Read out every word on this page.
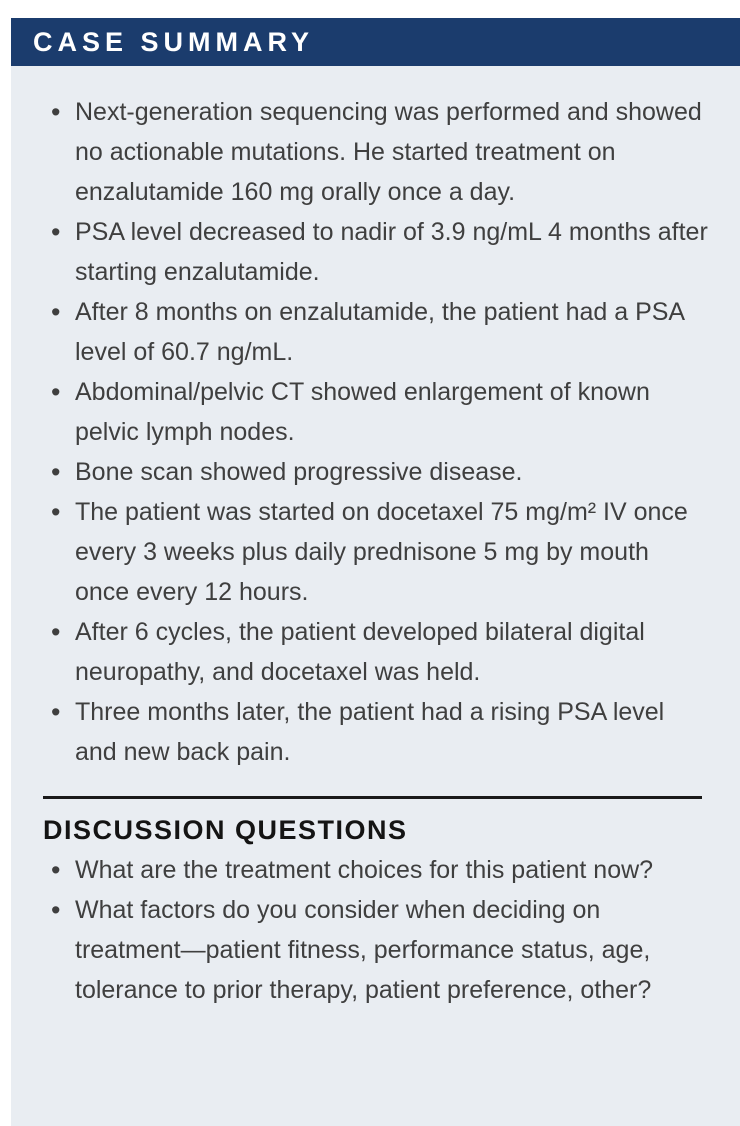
CASE SUMMARY
• Next-generation sequencing was performed and showed no actionable mutations. He started treatment on enzalutamide 160 mg orally once a day.
• PSA level decreased to nadir of 3.9 ng/mL 4 months after starting enzalutamide.
• After 8 months on enzalutamide, the patient had a PSA level of 60.7 ng/mL.
• Abdominal/pelvic CT showed enlargement of known pelvic lymph nodes.
• Bone scan showed progressive disease.
• The patient was started on docetaxel 75 mg/m² IV once every 3 weeks plus daily prednisone 5 mg by mouth once every 12 hours.
• After 6 cycles, the patient developed bilateral digital neuropathy, and docetaxel was held.
• Three months later, the patient had a rising PSA level and new back pain.
DISCUSSION QUESTIONS
• What are the treatment choices for this patient now?
• What factors do you consider when deciding on treatment—patient fitness, performance status, age, tolerance to prior therapy, patient preference, other?
